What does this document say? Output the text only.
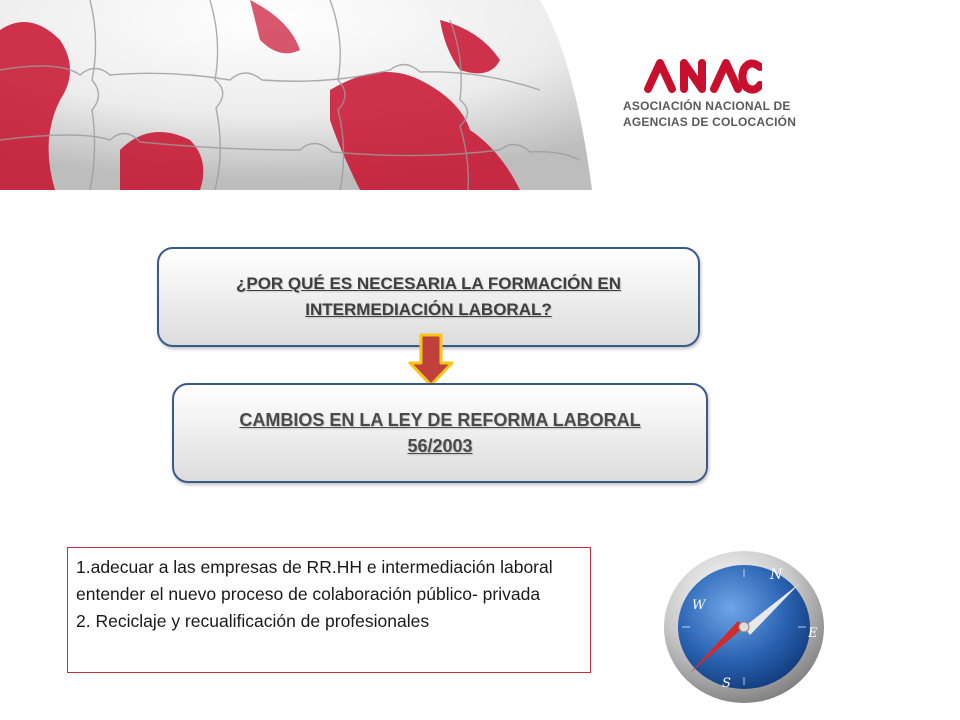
ASOCIACIÓN NACIONAL DE
AGENCIAS DE COLOCACIÓN
¿POR QUÉ ES NECESARIA LA FORMACIÓN EN INTERMEDIACIÓN LABORAL?
CAMBIOS EN LA LEY DE REFORMA LABORAL 56/2003

1.adecuar a las empresas de RR.HH e intermediación laboral entender el nuevo proceso de colaboración público- privada

2. Reciclaje y recualificación de profesionales

N
E
S
W
